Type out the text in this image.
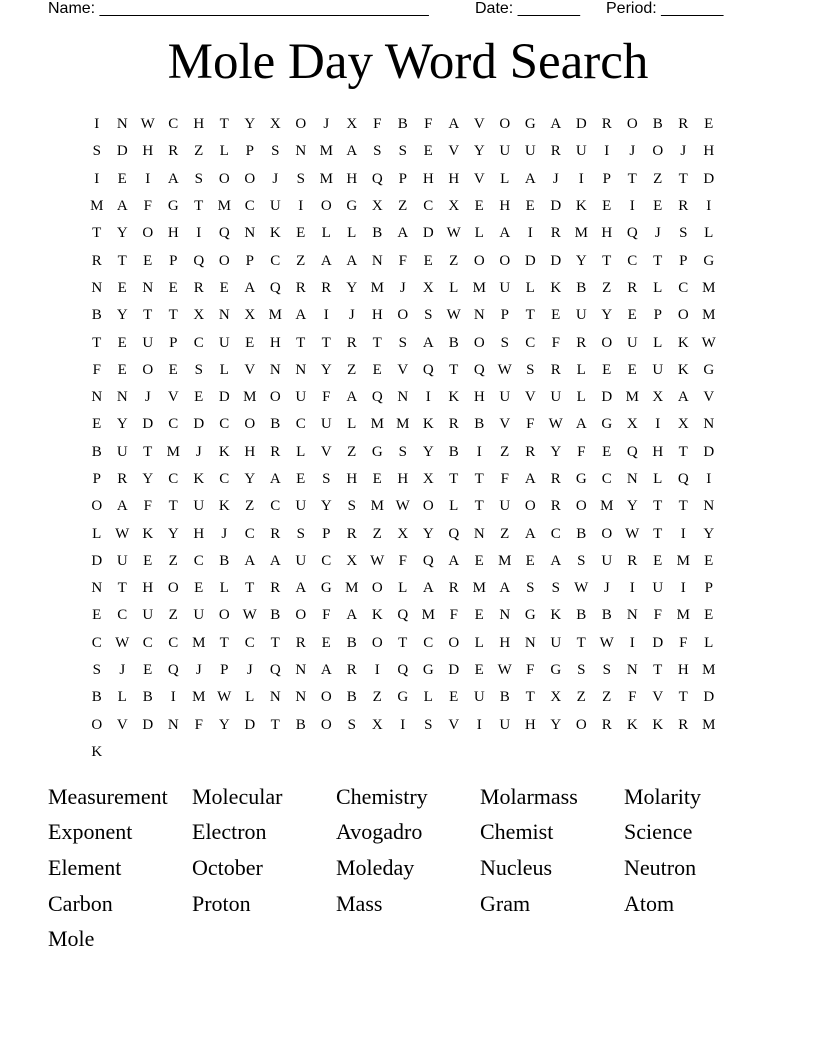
Name: _____________________________________	Date: _______ Period: _______
Mole Day Word Search
I	N W C	H	T	Y X O	J	X	F	B	F	A V O G A D	R	O	B	R	E
S	D H	R	Z	L	P	S	N M A	S	S	E	V Y U U	R	U	I	J	O	J	H
I	E	I	A	S	O O	J	S M H Q	P	H H V	L	A	J	I	P	T	Z	T	D
M A	F	G	T M C	U	I	O G X	Z	C	X	E	H	E	D K	E	I	E	R	I
T	Y O H	I	Q N K	E	L	L	B	A D W L	A	I	R M H Q	J	S	L
R	T	E	P	Q O	P	C	Z	A A N	F	E	Z	O O D D Y	T	C	T	P	G
N	E	N	E	R	E	A Q	R	R	Y M	J	X	L M U	L	K	B	Z	R	L	C M
B	Y	T	T	X N X M A	I	J	H O	S W N	P	T	E	U Y	E	P	O M
T	E	U	P	C	U	E	H	T	T	R	T	S	A	B	O	S	C	F	R	O U	L	K W
F	E	O	E	S	L	V N N Y	Z	E	V Q	T	Q W S	R	L	E	E	U K G
N N	J	V	E	D M O U	F	A Q N	I	K H U V U	L	D M X A V
E	Y D	C	D	C	O	B	C	U	L M M K	R	B	V	F W A G X	I	X N
B	U	T M	J	K H	R	L	V	Z	G	S	Y	B	I	Z	R	Y	F	E	Q H	T	D
P	R	Y	C	K	C	Y A	E	S	H	E	H X	T	T	F	A	R	G	C	N	L	Q	I
O A	F	T	U K	Z	C	U Y	S M W O	L	T	U O	R	O M Y	T	T	N
L W K Y H	J	C	R	S	P	R	Z	X Y Q N	Z	A	C	B	O W T	I	Y
D U	E	Z	C	B	A A U	C	X W F	Q A	E M E	A	S	U	R	E M E
N	T	H O	E	L	T	R	A G M O	L	A	R M A	S	S W	J	I	U	I	P
E	C	U	Z	U O W B	O	F	A K Q M F	E	N G K	B	B	N	F M E
C W C	C M T	C	T	R	E	B	O	T	C	O	L	H N U	T W	I	D	F	L
S	J	E	Q	J	P	J	Q N A	R	I	Q G D	E W F	G	S	S	N	T	H M
B	L	B	I	M W L	N N O	B	Z	G	L	E	U	B	T	X	Z	Z	F	V	T	D
O V D N	F	Y D	T	B	O	S	X	I	S	V	I	U H Y O	R	K K	R M
K
Measurement	Molecular	Chemistry	Molarmass	Molarity
Exponent	Electron	Avogadro	Chemist	Science
Element	October	Moleday	Nucleus	Neutron
Carbon	Proton	Mass	Gram	Atom
Mole
